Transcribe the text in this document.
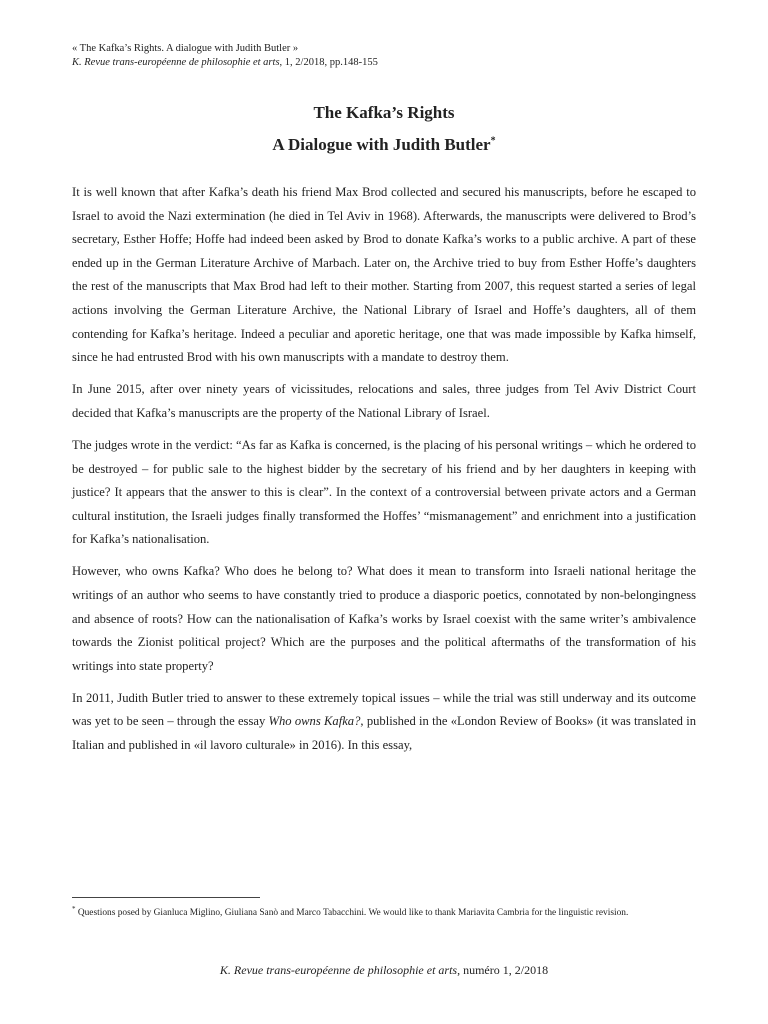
« The Kafka’s Rights. A dialogue with Judith Butler »
K. Revue trans-européenne de philosophie et arts, 1, 2/2018, pp.148-155
The Kafka’s Rights
A Dialogue with Judith Butler*

It is well known that after Kafka’s death his friend Max Brod collected and secured his manuscripts, before he escaped to Israel to avoid the Nazi extermination (he died in Tel Aviv in 1968). Afterwards, the manuscripts were delivered to Brod’s secretary, Esther Hoffe; Hoffe had indeed been asked by Brod to donate Kafka’s works to a public archive. A part of these ended up in the German Literature Archive of Marbach. Later on, the Archive tried to buy from Esther Hoffe’s daughters the rest of the manuscripts that Max Brod had left to their mother. Starting from 2007, this request started a series of legal actions involving the German Literature Archive, the National Library of Israel and Hoffe’s daughters, all of them contending for Kafka’s heritage. Indeed a peculiar and aporetic heritage, one that was made impossible by Kafka himself, since he had entrusted Brod with his own manuscripts with a mandate to destroy them.

In June 2015, after over ninety years of vicissitudes, relocations and sales, three judges from Tel Aviv District Court decided that Kafka’s manuscripts are the property of the National Library of Israel.

The judges wrote in the verdict: “As far as Kafka is concerned, is the placing of his personal writings – which he ordered to be destroyed – for public sale to the highest bidder by the secretary of his friend and by her daughters in keeping with justice? It appears that the answer to this is clear”. In the context of a controversial between private actors and a German cultural institution, the Israeli judges finally transformed the Hoffes’ “mismanagement” and enrichment into a justification for Kafka’s nationalisation.

However, who owns Kafka? Who does he belong to? What does it mean to transform into Israeli national heritage the writings of an author who seems to have constantly tried to produce a diasporic poetics, connotated by non-belongingness and absence of roots? How can the nationalisation of Kafka’s works by Israel coexist with the same writer’s ambivalence towards the Zionist political project? Which are the purposes and the political aftermaths of the transformation of his writings into state property?

In 2011, Judith Butler tried to answer to these extremely topical issues – while the trial was still underway and its outcome was yet to be seen – through the essay Who owns Kafka?, published in the «London Review of Books» (it was translated in Italian and published in «il lavoro culturale» in 2016). In this essay,

* Questions posed by Gianluca Miglino, Giuliana Sanò and Marco Tabacchini. We would like to thank Mariavita Cambria for the linguistic revision.
K. Revue trans-européenne de philosophie et arts, numéro 1, 2/2018
